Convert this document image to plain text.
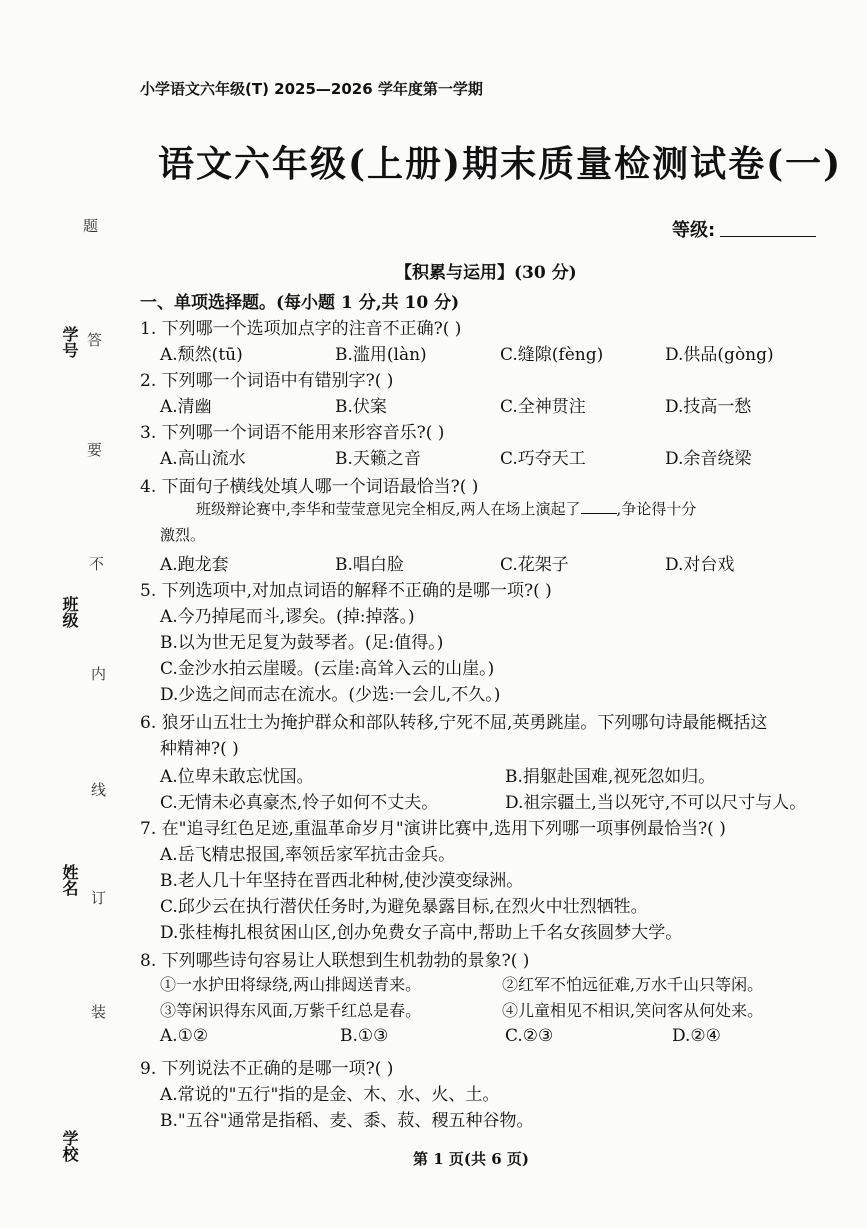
小学语文六年级(T) 2025—2026 学年度第一学期
语文六年级(上册)期末质量检测试卷(一)
等级:
题
学号 答
要
不
班级
内
线
姓名
订
装
学校
【积累与运用】(30 分)
一、单项选择题。(每小题 1 分,共 10 分)
1. 下列哪一个选项加点字的注音不正确?( )
A.颓然(tū)	B.滥用(làn)	C.缝隙(fèng)	D.供品(gòng)
2. 下列哪一个词语中有错别字?( )
A.清幽	B.伏案	C.全神贯注	D.技高一愁
3. 下列哪一个词语不能用来形容音乐?( )
A.高山流水	B.天籁之音	C.巧夺天工	D.余音绕梁
4. 下面句子横线处填人哪一个词语最恰当?( )
班级辩论赛中,李华和莹莹意见完全相反,两人在场上演起了 ,争论得十分
激烈。
A.跑龙套	B.唱白脸	C.花架子	D.对台戏
5. 下列选项中,对加点词语的解释不正确的是哪一项?( )
A.今乃掉尾而斗,谬矣。(掉:掉落。)
B.以为世无足复为鼓琴者。(足:值得。)
C.金沙水拍云崖暖。(云崖:高耸入云的山崖。)
D.少选之间而志在流水。(少选:一会儿,不久。)
6. 狼牙山五壮士为掩护群众和部队转移,宁死不屈,英勇跳崖。下列哪句诗最能概括这
种精神?( )
A.位卑未敢忘忧国。	B.捐躯赴国难,视死忽如归。
C.无情未必真豪杰,怜子如何不丈夫。	D.祖宗疆土,当以死守,不可以尺寸与人。
7. 在"追寻红色足迹,重温革命岁月"演讲比赛中,选用下列哪一项事例最恰当?( )
A.岳飞精忠报国,率领岳家军抗击金兵。
B.老人几十年坚持在晋西北种树,使沙漠变绿洲。
C.邱少云在执行潜伏任务时,为避免暴露目标,在烈火中壮烈牺牲。
D.张桂梅扎根贫困山区,创办免费女子高中,帮助上千名女孩圆梦大学。
8. 下列哪些诗句容易让人联想到生机勃勃的景象?( )
①一水护田将绿绕,两山排闼送青来。	②红军不怕远征难,万水千山只等闲。
③等闲识得东风面,万紫千红总是春。	④儿童相见不相识,笑问客从何处来。
A.①②	B.①③	C.②③	D.②④
9. 下列说法不正确的是哪一项?( )
A.常说的"五行"指的是金、木、水、火、土。
B."五谷"通常是指稻、麦、黍、菽、稷五种谷物。
第 1 页(共 6 页)
